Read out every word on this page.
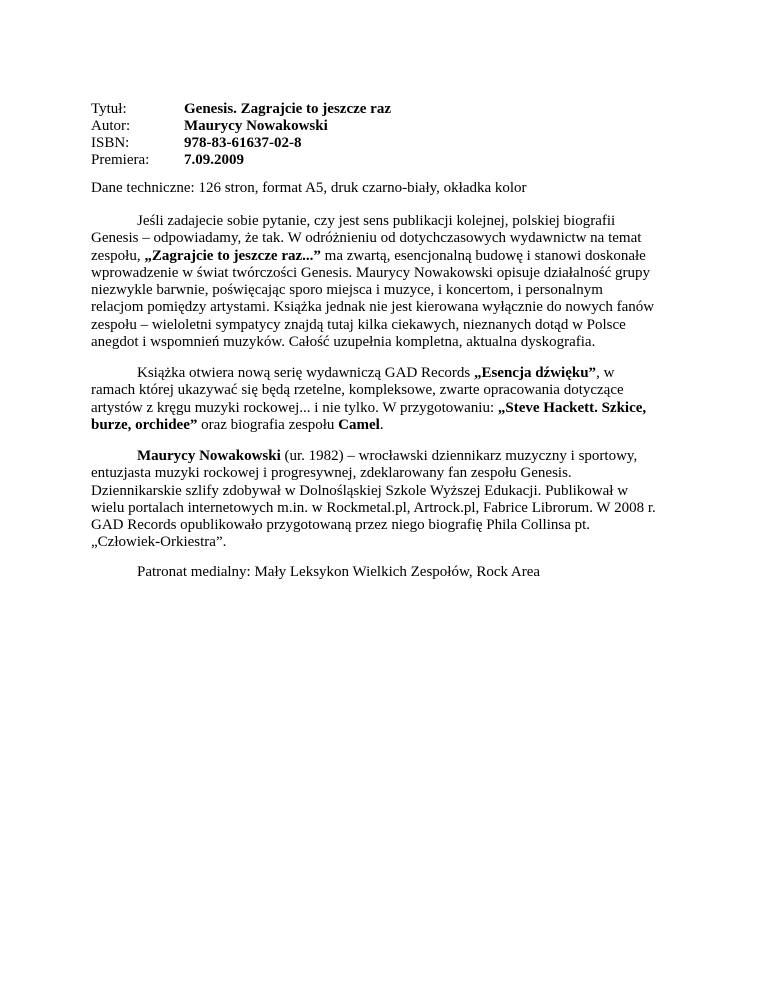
Tytuł:	Genesis. Zagrajcie to jeszcze raz
Autor:	Maurycy Nowakowski
ISBN:	978-83-61637-02-8
Premiera:	7.09.2009

Dane techniczne: 126 stron, format A5, druk czarno-biały, okładka kolor

Jeśli zadajecie sobie pytanie, czy jest sens publikacji kolejnej, polskiej biografii
Genesis – odpowiadamy, że tak. W odróżnieniu od dotychczasowych wydawnictw na temat
zespołu, „Zagrajcie to jeszcze raz...” ma zwartą, esencjonalną budowę i stanowi doskonałe
wprowadzenie w świat twórczości Genesis. Maurycy Nowakowski opisuje działalność grupy
niezwykle barwnie, poświęcając sporo miejsca i muzyce, i koncertom, i personalnym
relacjom pomiędzy artystami. Książka jednak nie jest kierowana wyłącznie do nowych fanów
zespołu – wieloletni sympatycy znajdą tutaj kilka ciekawych, nieznanych dotąd w Polsce
anegdot i wspomnień muzyków. Całość uzupełnia kompletna, aktualna dyskografia.

Książka otwiera nową serię wydawniczą GAD Records „Esencja dźwięku”, w
ramach której ukazywać się będą rzetelne, kompleksowe, zwarte opracowania dotyczące
artystów z kręgu muzyki rockowej... i nie tylko. W przygotowaniu: „Steve Hackett. Szkice,
burze, orchidee” oraz biografia zespołu Camel.

Maurycy Nowakowski (ur. 1982) – wrocławski dziennikarz muzyczny i sportowy,
entuzjasta muzyki rockowej i progresywnej, zdeklarowany fan zespołu Genesis.
Dziennikarskie szlify zdobywał w Dolnośląskiej Szkole Wyższej Edukacji. Publikował w
wielu portalach internetowych m.in. w Rockmetal.pl, Artrock.pl, Fabrice Librorum. W 2008 r.
GAD Records opublikowało przygotowaną przez niego biografię Phila Collinsa pt.
„Człowiek-Orkiestra”.

Patronat medialny: Mały Leksykon Wielkich Zespołów, Rock Area
